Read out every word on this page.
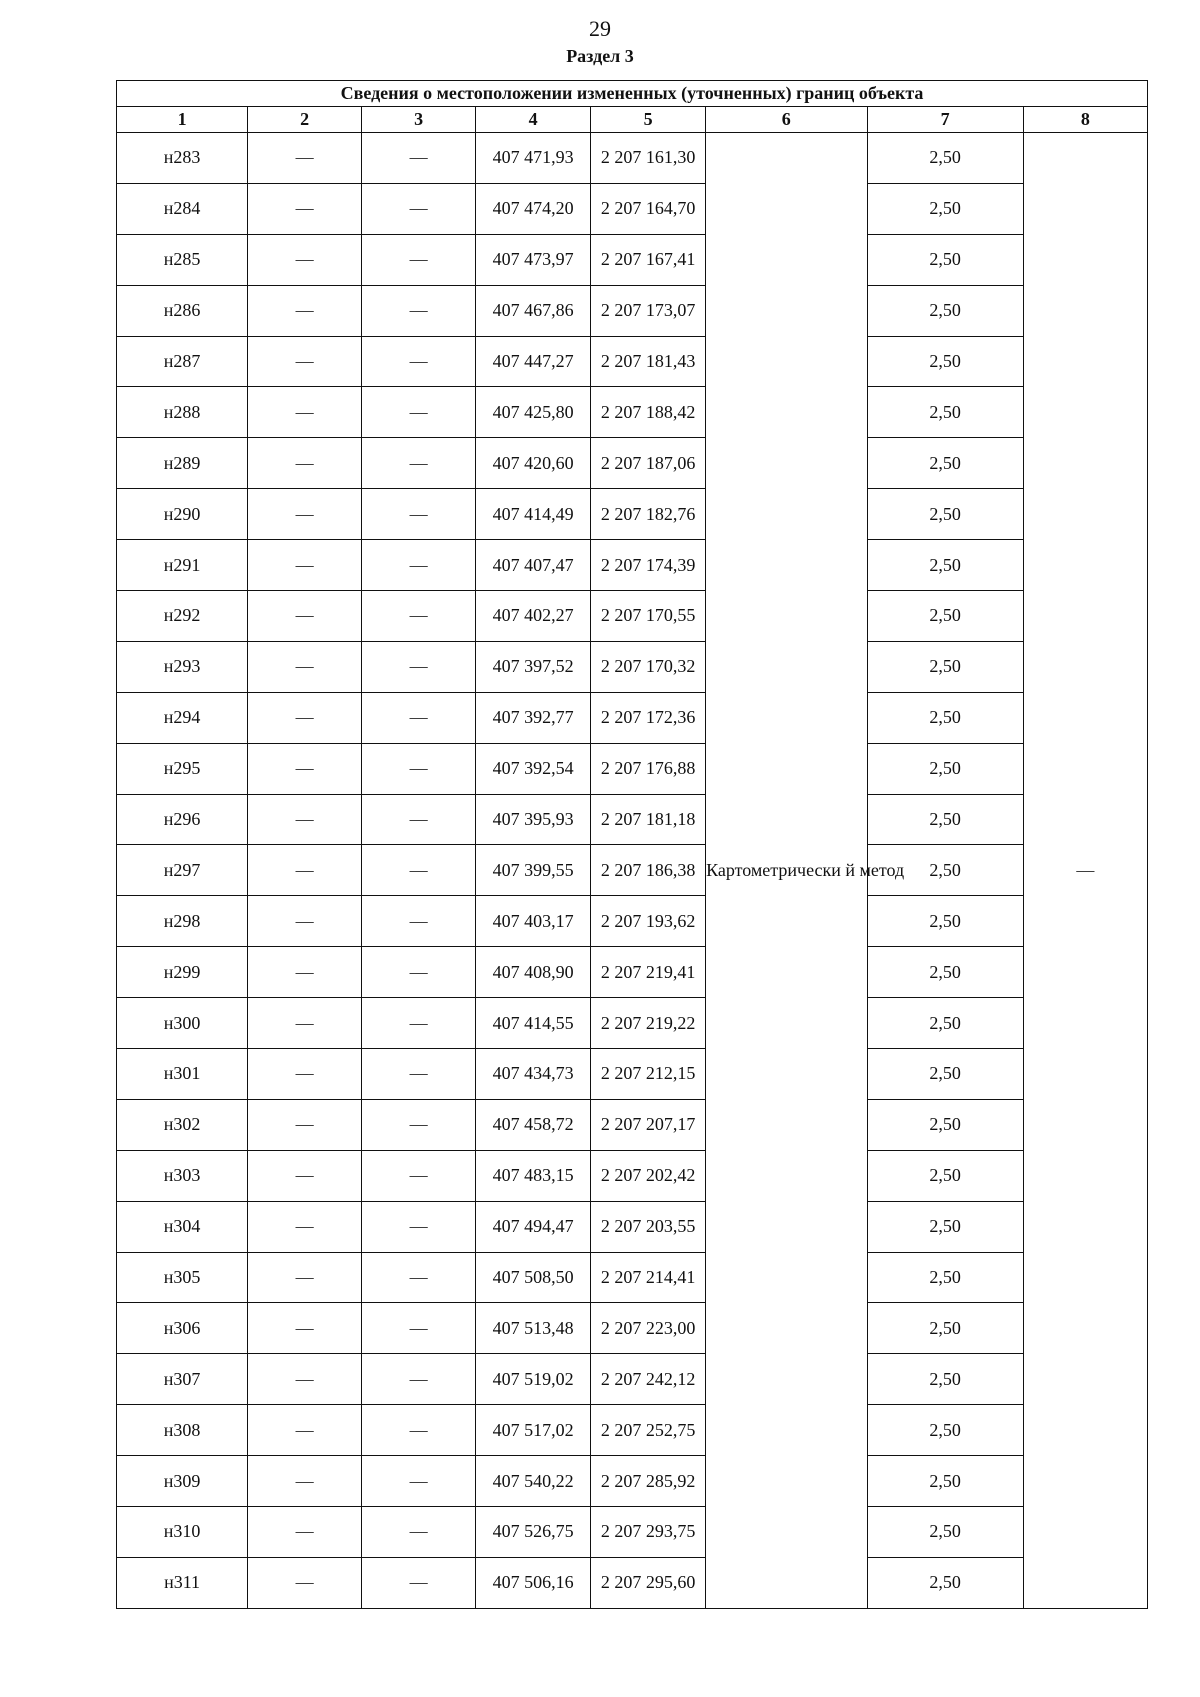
29
Раздел 3
Сведения о местоположении измененных (уточненных) границ объекта							
1	2	3	4	5	6	7	8
н283	—	—	407 471,93	2 207 161,30	Картометрически й метод	2,50	—
н284	—	—	407 474,20	2 207 164,70		2,50	
н285	—	—	407 473,97	2 207 167,41		2,50	
н286	—	—	407 467,86	2 207 173,07		2,50	
н287	—	—	407 447,27	2 207 181,43		2,50	
н288	—	—	407 425,80	2 207 188,42		2,50	
н289	—	—	407 420,60	2 207 187,06		2,50	
н290	—	—	407 414,49	2 207 182,76		2,50	
н291	—	—	407 407,47	2 207 174,39		2,50	
н292	—	—	407 402,27	2 207 170,55		2,50	
н293	—	—	407 397,52	2 207 170,32		2,50	
н294	—	—	407 392,77	2 207 172,36		2,50	
н295	—	—	407 392,54	2 207 176,88		2,50	
н296	—	—	407 395,93	2 207 181,18		2,50	
н297	—	—	407 399,55	2 207 186,38		2,50	
н298	—	—	407 403,17	2 207 193,62		2,50	
н299	—	—	407 408,90	2 207 219,41		2,50	
н300	—	—	407 414,55	2 207 219,22		2,50	
н301	—	—	407 434,73	2 207 212,15		2,50	
н302	—	—	407 458,72	2 207 207,17		2,50	
н303	—	—	407 483,15	2 207 202,42		2,50	
н304	—	—	407 494,47	2 207 203,55		2,50	
н305	—	—	407 508,50	2 207 214,41		2,50	
н306	—	—	407 513,48	2 207 223,00		2,50	
н307	—	—	407 519,02	2 207 242,12		2,50	
н308	—	—	407 517,02	2 207 252,75		2,50	
н309	—	—	407 540,22	2 207 285,92		2,50	
н310	—	—	407 526,75	2 207 293,75		2,50	
н311	—	—	407 506,16	2 207 295,60		2,50	
